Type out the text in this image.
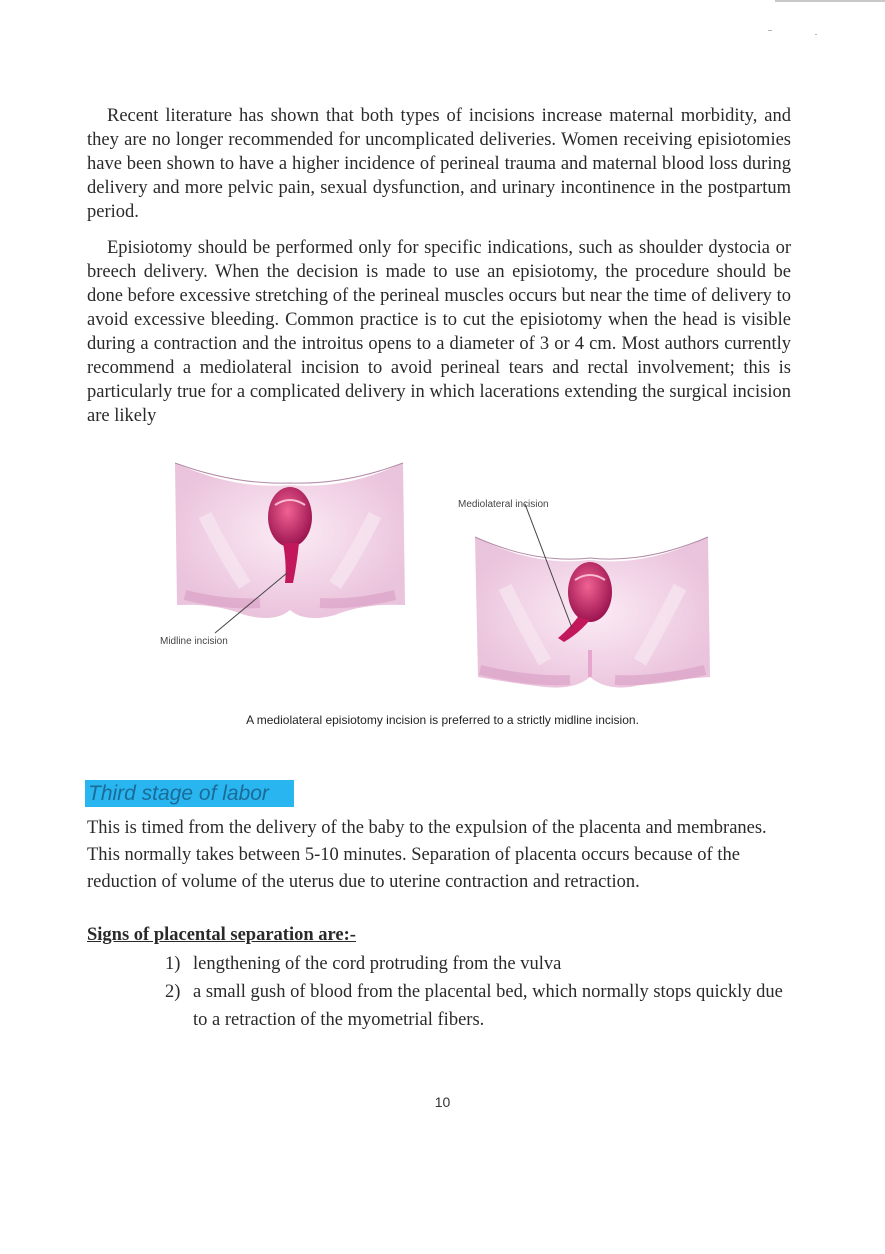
Recent literature has shown that both types of incisions increase maternal morbidity, and they are no longer recommended for uncomplicated deliveries. Women receiving episiotomies have been shown to have a higher incidence of perineal trauma and maternal blood loss during delivery and more pelvic pain, sexual dysfunction, and urinary incontinence in the postpartum period.

Episiotomy should be performed only for specific indications, such as shoulder dystocia or breech delivery. When the decision is made to use an episiotomy, the procedure should be done before excessive stretching of the perineal muscles occurs but near the time of delivery to avoid excessive bleeding. Common practice is to cut the episiotomy when the head is visible during a contraction and the introitus opens to a diameter of 3 or 4 cm. Most authors currently recommend a mediolateral incision to avoid perineal tears and rectal involvement; this is particularly true for a complicated delivery in which lacerations extending the surgical incision are likely

Midline incision
Mediolateral incision
A mediolateral episiotomy incision is preferred to a strictly midline incision.
Third stage of labor

This is timed from the delivery of the baby to the expulsion of the placenta and membranes. This normally takes between 5-10 minutes. Separation of placenta occurs because of the reduction of volume of the uterus due to uterine contraction and retraction.

Signs of placental separation are:-
1) lengthening of the cord protruding from the vulva
2) a small gush of blood from the placental bed, which normally stops quickly due to a retraction of the myometrial fibers.
10
